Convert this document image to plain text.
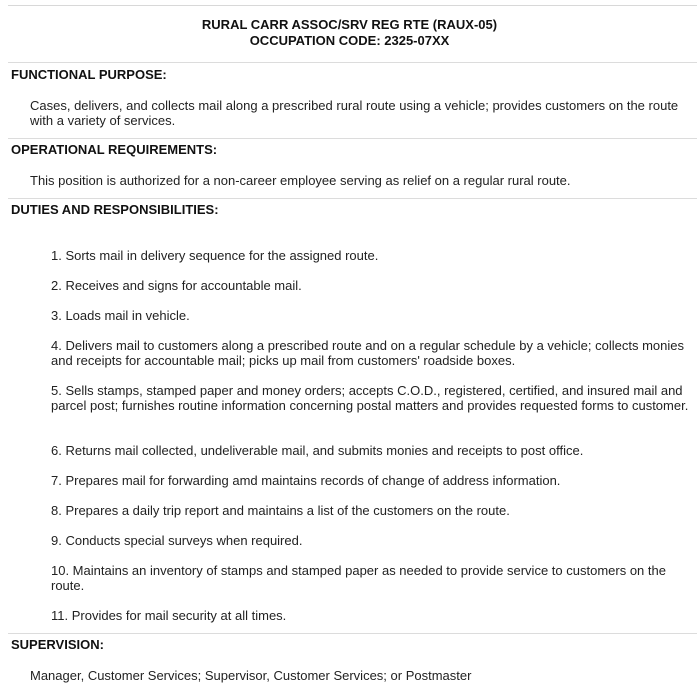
RURAL CARR ASSOC/SRV REG RTE (RAUX-05)
OCCUPATION CODE: 2325-07XX
FUNCTIONAL PURPOSE:
Cases, delivers, and collects mail along a prescribed rural route using a vehicle; provides customers on the route with a variety of services.
OPERATIONAL REQUIREMENTS:
This position is authorized for a non-career employee serving as relief on a regular rural route.
DUTIES AND RESPONSIBILITIES:
1. Sorts mail in delivery sequence for the assigned route.
2. Receives and signs for accountable mail.
3. Loads mail in vehicle.
4. Delivers mail to customers along a prescribed route and on a regular schedule by a vehicle; collects monies and receipts for accountable mail; picks up mail from customers' roadside boxes.
5. Sells stamps, stamped paper and money orders; accepts C.O.D., registered, certified, and insured mail and parcel post; furnishes routine information concerning postal matters and provides requested forms to customer.
6. Returns mail collected, undeliverable mail, and submits monies and receipts to post office.
7. Prepares mail for forwarding amd maintains records of change of address information.
8. Prepares a daily trip report and maintains a list of the customers on the route.
9. Conducts special surveys when required.
10. Maintains an inventory of stamps and stamped paper as needed to provide service to customers on the route.
11. Provides for mail security at all times.
SUPERVISION:
Manager, Customer Services; Supervisor, Customer Services; or Postmaster
